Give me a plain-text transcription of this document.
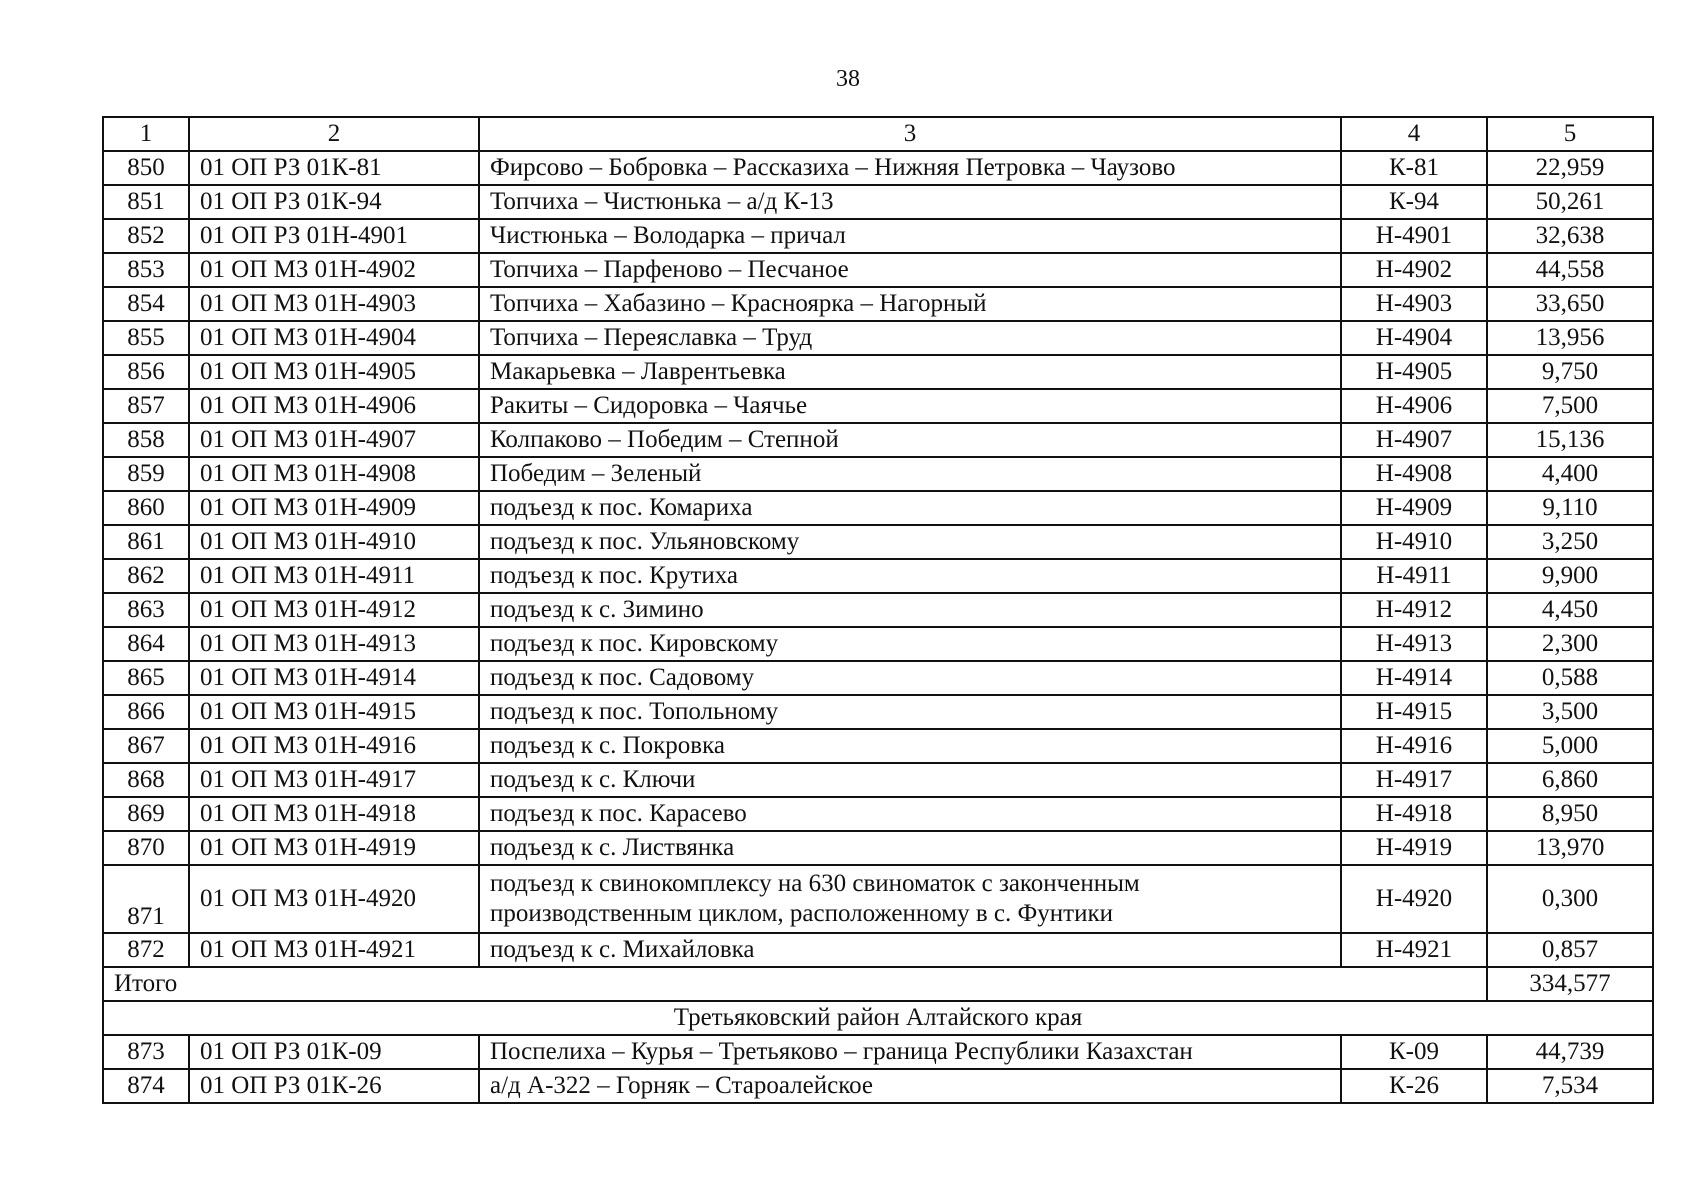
38
1	2	3	4	5
850	01 ОП РЗ 01К-81	Фирсово – Бобровка – Рассказиха – Нижняя Петровка – Чаузово	К-81	22,959
851	01 ОП РЗ 01К-94	Топчиха – Чистюнька – а/д К-13	К-94	50,261
852	01 ОП РЗ 01Н-4901	Чистюнька – Володарка – причал	Н-4901	32,638
853	01 ОП МЗ 01Н-4902	Топчиха – Парфеново – Песчаное	Н-4902	44,558
854	01 ОП МЗ 01Н-4903	Топчиха – Хабазино – Красноярка – Нагорный	Н-4903	33,650
855	01 ОП МЗ 01Н-4904	Топчиха – Переяславка – Труд	Н-4904	13,956
856	01 ОП МЗ 01Н-4905	Макарьевка – Лаврентьевка	Н-4905	9,750
857	01 ОП МЗ 01Н-4906	Ракиты – Сидоровка – Чаячье	Н-4906	7,500
858	01 ОП МЗ 01Н-4907	Колпаково – Победим – Степной	Н-4907	15,136
859	01 ОП МЗ 01Н-4908	Победим – Зеленый	Н-4908	4,400
860	01 ОП МЗ 01Н-4909	подъезд к пос. Комариха	Н-4909	9,110
861	01 ОП МЗ 01Н-4910	подъезд к пос. Ульяновскому	Н-4910	3,250
862	01 ОП МЗ 01Н-4911	подъезд к пос. Крутиха	Н-4911	9,900
863	01 ОП МЗ 01Н-4912	подъезд к с. Зимино	Н-4912	4,450
864	01 ОП МЗ 01Н-4913	подъезд к пос. Кировскому	Н-4913	2,300
865	01 ОП МЗ 01Н-4914	подъезд к пос. Садовому	Н-4914	0,588
866	01 ОП МЗ 01Н-4915	подъезд к пос. Топольному	Н-4915	3,500
867	01 ОП МЗ 01Н-4916	подъезд к с. Покровка	Н-4916	5,000
868	01 ОП МЗ 01Н-4917	подъезд к с. Ключи	Н-4917	6,860
869	01 ОП МЗ 01Н-4918	подъезд к пос. Карасево	Н-4918	8,950
870	01 ОП МЗ 01Н-4919	подъезд к с. Листвянка	Н-4919	13,970
871	01 ОП МЗ 01Н-4920	подъезд к свинокомплексу на 630 свиноматок с законченным производственным циклом, расположенному в с. Фунтики	Н-4920	0,300
872	01 ОП МЗ 01Н-4921	подъезд к с. Михайловка	Н-4921	0,857
Итого				334,577
Третьяковский район Алтайского края				
873	01 ОП РЗ 01К-09	Поспелиха – Курья – Третьяково – граница Республики Казахстан	К-09	44,739
874	01 ОП РЗ 01К-26	а/д А-322 – Горняк – Староалейское	К-26	7,534
